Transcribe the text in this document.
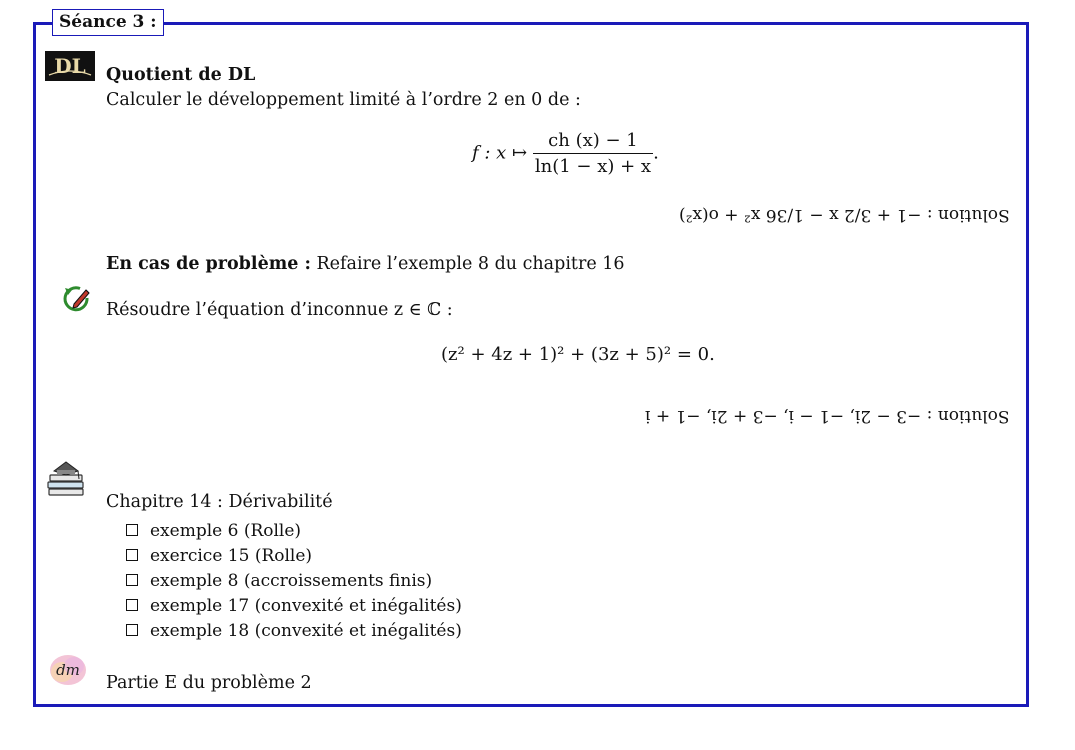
Séance 3 :
DL Quotient de DL
Calculer le développement limité à l’ordre 2 en 0 de :
f : x ↦ $\frac{ch (x) - 1}{\ln(1 - x) + x}$ .
Solution : −1 + 3/2 x − 1/36 x² + o(x²)
En cas de problème : Refaire l’exemple 8 du chapitre 16
Résoudre l’équation d’inconnue z ∈ ℂ :
(z² + 4z + 1)² + (3z + 5)² = 0.
Solution : −3 − 2i, −1 − i, −3 + 2i, −1 + i
Chapitre 14 : Dérivabilité
exemple 6 (Rolle)
exercice 15 (Rolle)
exemple 8 (accroissements finis)
exemple 17 (convexité et inégalités)
exemple 18 (convexité et inégalités)
dm
Partie E du problème 2
